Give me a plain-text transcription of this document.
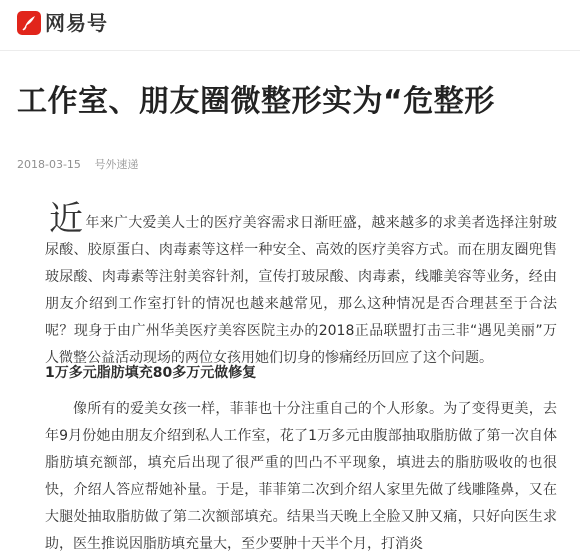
网易号
工作室、朋友圈微整形实为“危整形
2018-03-15 号外速递

近年来广大爱美人士的医疗美容需求日渐旺盛，越来越多的求美者选择注射玻尿酸、胶原蛋白、肉毒素等这样一种安全、高效的医疗美容方式。而在朋友圈兜售玻尿酸、肉毒素等注射美容针剂，宣传打玻尿酸、肉毒素，线雕美容等业务，经由朋友介绍到工作室打针的情况也越来越常见，那么这种情况是否合理甚至于合法呢？现身于由广州华美医疗美容医院主办的2018正品联盟打击三非“遇见美丽”万人微整公益活动现场的两位女孩用她们切身的惨痛经历回应了这个问题。

1万多元脂肪填充80多万元做修复

像所有的爱美女孩一样，菲菲也十分注重自己的个人形象。为了变得更美，去年9月份她由朋友介绍到私人工作室，花了1万多元由腹部抽取脂肪做了第一次自体脂肪填充额部，填充后出现了很严重的凹凸不平现象，填进去的脂肪吸收的也很快，介绍人答应帮她补量。于是，菲菲第二次到介绍人家里先做了线雕隆鼻，又在大腿处抽取脂肪做了第二次额部填充。结果当天晚上全脸又肿又痛，只好向医生求助，医生推说因脂肪填充量大，至少要肿十天半个月，打消炎
